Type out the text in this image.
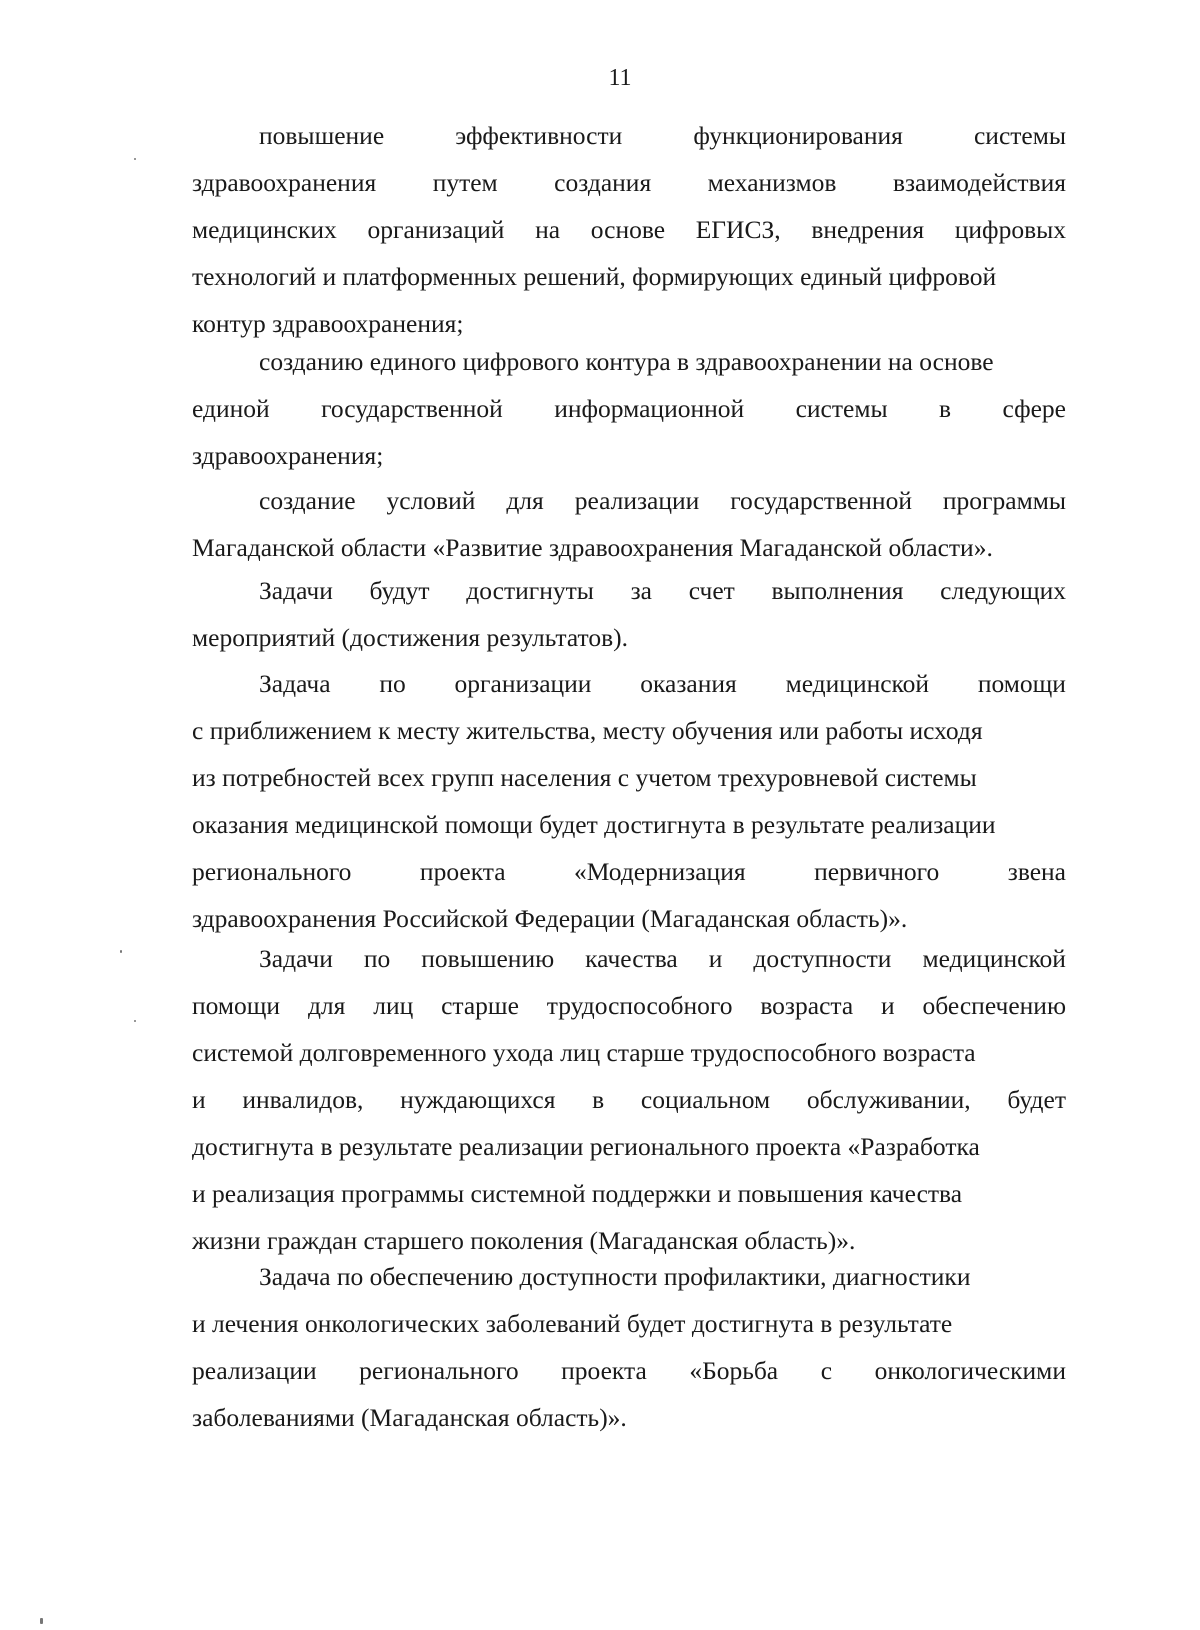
11
повышение	эффективности	функционирования	системы
здравоохранения путем создания механизмов взаимодействия
медицинских организаций на основе ЕГИСЗ, внедрения цифровых
технологий и платформенных решений, формирующих единый цифровой
контур здравоохранения;
созданию единого цифрового контура в здравоохранении на основе
единой государственной информационной системы в сфере
здравоохранения;
создание условий для реализации государственной программы
Магаданской области «Развитие здравоохранения Магаданской области».
Задачи будут достигнуты за счет выполнения следующих
мероприятий (достижения результатов).
Задача по организации оказания медицинской помощи
с приближением к месту жительства, месту обучения или работы исходя
из потребностей всех групп населения с учетом трехуровневой системы
оказания медицинской помощи будет достигнута в результате реализации
регионального	проекта	«Модернизация	первичного	звена
здравоохранения Российской Федерации (Магаданская область)».
Задачи по повышению качества и доступности медицинской
помощи для лиц старше трудоспособного возраста и обеспечению
системой долговременного ухода лиц старше трудоспособного возраста
и инвалидов, нуждающихся в социальном обслуживании, будет
достигнута в результате реализации регионального проекта «Разработка
и реализация программы системной поддержки и повышения качества
жизни граждан старшего поколения (Магаданская область)».
Задача по обеспечению доступности профилактики, диагностики
и лечения онкологических заболеваний будет достигнута в результате
реализации регионального проекта «Борьба с онкологическими
заболеваниями (Магаданская область)».
